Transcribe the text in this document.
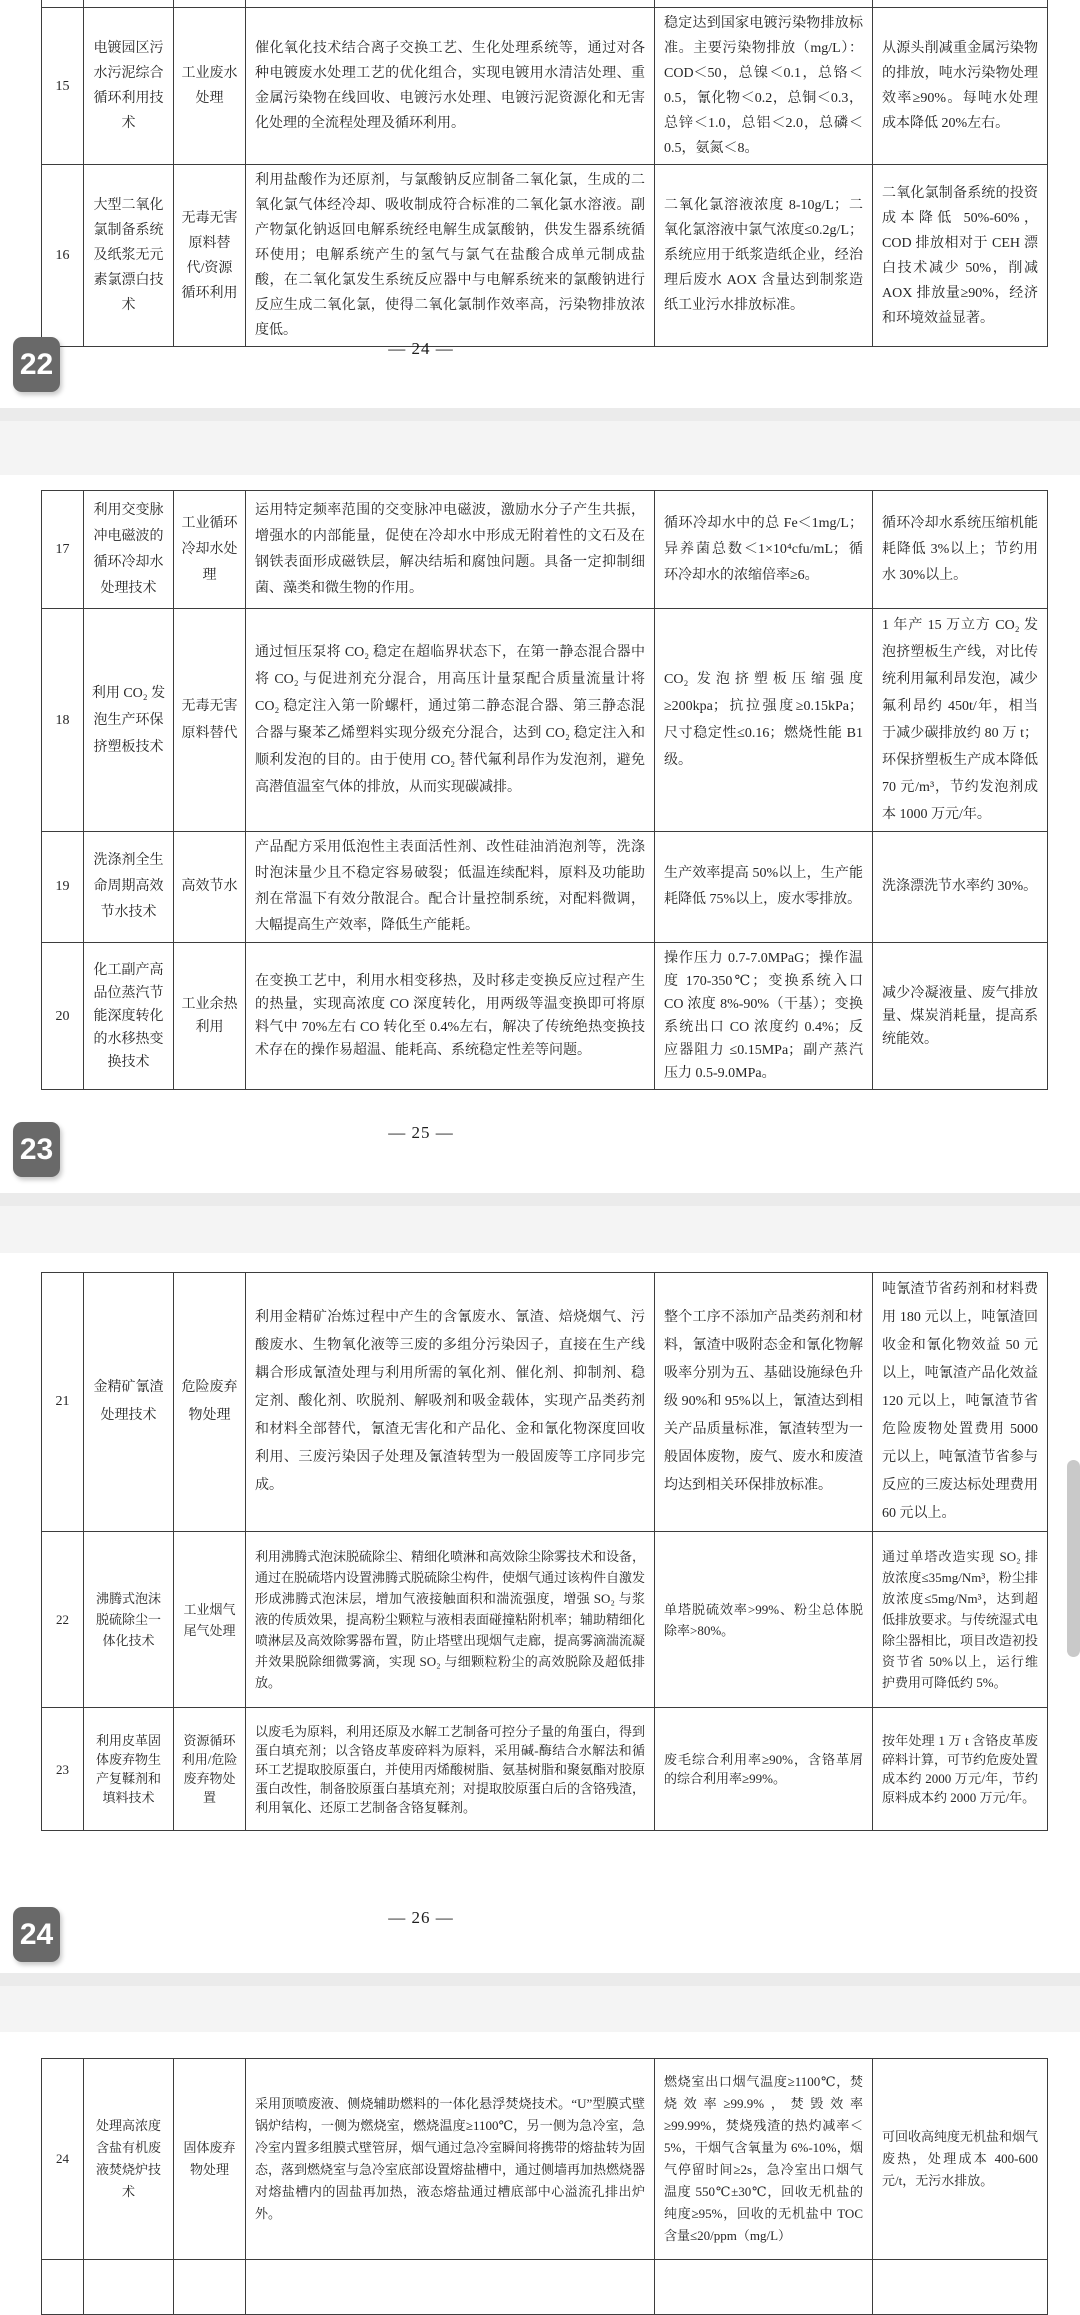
15	电镀园区污水污泥综合循环利用技术	工业废水处理	催化氧化技术结合离子交换工艺、生化处理系统等，通过对各种电镀废水处理工艺的优化组合，实现电镀用水清洁处理、重金属污染物在线回收、电镀污水处理、电镀污泥资源化和无害化处理的全流程处理及循环利用。	稳定达到国家电镀污染物排放标准。主要污染物排放（mg/L）：COD＜50，总镍＜0.1，总铬＜0.5，氰化物＜0.2，总铜＜0.3，总锌＜1.0，总铝＜2.0，总磷＜0.5，氨氮＜8。	从源头削减重金属污染物的排放，吨水污染物处理效率≥90%。每吨水处理成本降低 20%左右。
16	大型二氧化氯制备系统及纸浆无元素氯漂白技术	无毒无害原料替代/资源循环利用	利用盐酸作为还原剂，与氯酸钠反应制备二氧化氯，生成的二氧化氯气体经冷却、吸收制成符合标准的二氧化氯水溶液。副产物氯化钠返回电解系统经电解生成氯酸钠，供发生器系统循环使用；电解系统产生的氢气与氯气在盐酸合成单元制成盐酸，在二氧化氯发生系统反应器中与电解系统来的氯酸钠进行反应生成二氧化氯，使得二氧化氯制作效率高，污染物排放浓度低。	二氧化氯溶液浓度 8-10g/L；二氧化氯溶液中氯气浓度≤0.2g/L；系统应用于纸浆造纸企业，经治理后废水 AOX 含量达到制浆造纸工业污水排放标准。	二氧化氯制备系统的投资成本降低 50%-60%，COD 排放相对于 CEH 漂白技术减少 50%，削减 AOX 排放量≥90%，经济和环境效益显著。
17	利用交变脉冲电磁波的循环冷却水处理技术	工业循环冷却水处理	运用特定频率范围的交变脉冲电磁波，激励水分子产生共振，增强水的内部能量，促使在冷却水中形成无附着性的文石及在钢铁表面形成磁铁层，解决结垢和腐蚀问题。具备一定抑制细菌、藻类和微生物的作用。	循环冷却水中的总 Fe＜1mg/L；异养菌总数＜1×10⁴cfu/mL；循环冷却水的浓缩倍率≥6。	循环冷却水系统压缩机能耗降低 3%以上；节约用水 30%以上。
18	利用 CO₂ 发泡生产环保挤塑板技术	无毒无害原料替代	通过恒压泵将 CO₂ 稳定在超临界状态下，在第一静态混合器中将 CO₂ 与促进剂充分混合，用高压计量泵配合质量流量计将 CO₂ 稳定注入第一阶螺杆，通过第二静态混合器、第三静态混合器与聚苯乙烯塑料实现分级充分混合，达到 CO₂ 稳定注入和顺利发泡的目的。由于使用 CO₂ 替代氟利昂作为发泡剂，避免高潜值温室气体的排放，从而实现碳减排。	CO₂ 发泡挤塑板压缩强度≥200kpa；抗拉强度≥0.15kPa；尺寸稳定性≤0.16；燃烧性能 B1 级。	1 年产 15 万立方 CO₂ 发泡挤塑板生产线，对比传统利用氟利昂发泡，减少氟利昂约 450t/年，相当于减少碳排放约 80 万 t；环保挤塑板生产成本降低 70 元/m³，节约发泡剂成本 1000 万元/年。
19	洗涤剂全生命周期高效节水技术	高效节水	产品配方采用低泡性主表面活性剂、改性硅油消泡剂等，洗涤时泡沫量少且不稳定容易破裂；低温连续配料，原料及功能助剂在常温下有效分散混合。配合计量控制系统，对配料微调，大幅提高生产效率，降低生产能耗。	生产效率提高 50%以上，生产能耗降低 75%以上，废水零排放。	洗涤漂洗节水率约 30%。
20	化工副产高品位蒸汽节能深度转化的水移热变换技术	工业余热利用	在变换工艺中，利用水相变移热，及时移走变换反应过程产生的热量，实现高浓度 CO 深度转化，用两级等温变换即可将原料气中 70%左右 CO 转化至 0.4%左右，解决了传统绝热变换技术存在的操作易超温、能耗高、系统稳定性差等问题。	操作压力 0.7-7.0MPaG；操作温度 170-350℃；变换系统入口 CO 浓度 8%-90%（干基）；变换系统出口 CO 浓度约 0.4%；反应器阻力 ≤0.15MPa；副产蒸汽压力 0.5-9.0MPa。	减少冷凝液量、废气排放量、煤炭消耗量，提高系统能效。
21	金精矿氰渣处理技术	危险废弃物处理	利用金精矿冶炼过程中产生的含氰废水、氰渣、焙烧烟气、污酸废水、生物氧化液等三废的多组分污染因子，直接在生产线耦合形成氰渣处理与利用所需的氧化剂、催化剂、抑制剂、稳定剂、酸化剂、吹脱剂、解吸剂和吸金载体，实现产品类药剂和材料全部替代，氰渣无害化和产品化、金和氰化物深度回收利用、三废污染因子处理及氰渣转型为一般固废等工序同步完成。	整个工序不添加产品类药剂和材料，氰渣中吸附态金和氰化物解吸率分别为五、基础设施绿色升级 90%和 95%以上，氰渣达到相关产品质量标准，氰渣转型为一般固体废物，废气、废水和废渣均达到相关环保排放标准。	吨氰渣节省药剂和材料费用 180 元以上，吨氰渣回收金和氰化物效益 50 元以上，吨氰渣产品化效益 120 元以上，吨氰渣节省危险废物处置费用 5000 元以上，吨氰渣节省参与反应的三废达标处理费用 60 元以上。
22	沸腾式泡沫脱硫除尘一体化技术	工业烟气尾气处理	利用沸腾式泡沫脱硫除尘、精细化喷淋和高效除尘除雾技术和设备，通过在脱硫塔内设置沸腾式脱硫除尘构件，使烟气通过该构件自激发形成沸腾式泡沫层，增加气液接触面积和湍流强度，增强 SO₂ 与浆液的传质效果，提高粉尘颗粒与液相表面碰撞粘附机率；辅助精细化喷淋层及高效除雾器布置，防止塔壁出现烟气走廊，提高雾滴湍流凝并效果脱除细微雾滴，实现 SO₂ 与细颗粒粉尘的高效脱除及超低排放。	单塔脱硫效率>99%、粉尘总体脱除率>80%。	通过单塔改造实现 SO₂ 排放浓度≤35mg/Nm³，粉尘排放浓度≤5mg/Nm³，达到超低排放要求。与传统湿式电除尘器相比，项目改造初投资节省 50%以上，运行维护费用可降低约 5%。
23	利用皮革固体废弃物生产复鞣剂和填料技术	资源循环利用/危险废弃物处置	以废毛为原料，利用还原及水解工艺制备可控分子量的角蛋白，得到蛋白填充剂；以含铬皮革废碎料为原料，采用碱-酶结合水解法和循环工艺提取胶原蛋白，并使用丙烯酸树脂、氨基树脂和聚氨酯对胶原蛋白改性，制备胶原蛋白基填充剂；对提取胶原蛋白后的含铬残渣，利用氧化、还原工艺制备含铬复鞣剂。	废毛综合利用率≥90%，含铬革屑的综合利用率≥99%。	按年处理 1 万 t 含铬皮革废碎料计算，可节约危废处置成本约 2000 万元/年，节约原料成本约 2000 万元/年。
24	处理高浓度含盐有机废液焚烧炉技术	固体废弃物处理	采用顶喷废液、侧烧辅助燃料的一体化悬浮焚烧技术。“U”型膜式壁锅炉结构，一侧为燃烧室，燃烧温度≥1100℃，另一侧为急冷室，急冷室内置多组膜式壁管屏，烟气通过急冷室瞬间将携带的熔盐转为固态，落到燃烧室与急冷室底部设置熔盐槽中，通过侧墙再加热燃烧器对熔盐槽内的固盐再加热，液态熔盐通过槽底部中心溢流孔排出炉外。	燃烧室出口烟气温度≥1100℃，焚烧效率≥99.9%，焚毁效率≥99.99%，焚烧残渣的热灼减率＜5%，干烟气含氧量为 6%-10%，烟气停留时间≥2s，急冷室出口烟气温度 550℃±30℃，回收无机盐的纯度≥95%，回收的无机盐中 TOC 含量≤20/ppm（mg/L）	可回收高纯度无机盐和烟气废热，处理成本 400-600 元/t，无污水排放。

— 24 —
— 25 —
— 26 —
22
23
24
